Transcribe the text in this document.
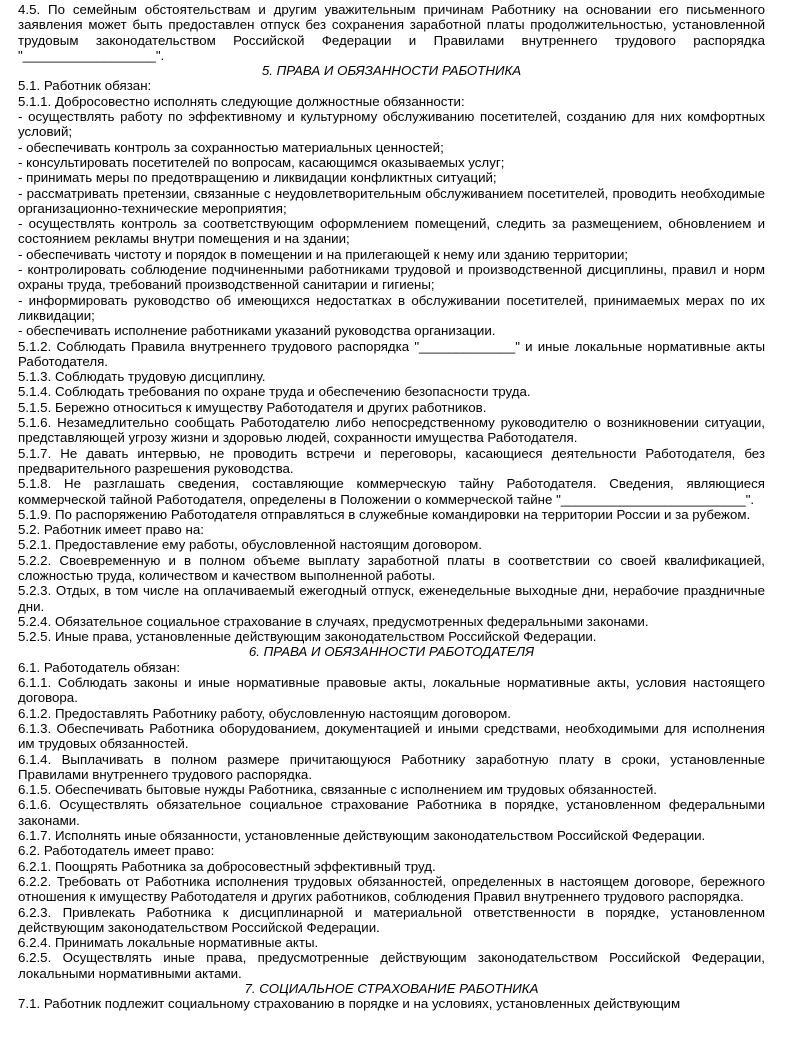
4.5. По семейным обстоятельствам и другим уважительным причинам Работнику на основании его письменного заявления может быть предоставлен отпуск без сохранения заработной платы продолжительностью, установленной трудовым законодательством Российской Федерации и Правилами внутреннего трудового распорядка "__________________".

5. ПРАВА И ОБЯЗАННОСТИ РАБОТНИКА

5.1. Работник обязан:

5.1.1. Добросовестно исполнять следующие должностные обязанности:

- осуществлять работу по эффективному и культурному обслуживанию посетителей, созданию для них комфортных условий;

- обеспечивать контроль за сохранностью материальных ценностей;

- консультировать посетителей по вопросам, касающимся оказываемых услуг;

- принимать меры по предотвращению и ликвидации конфликтных ситуаций;

- рассматривать претензии, связанные с неудовлетворительным обслуживанием посетителей, проводить необходимые организационно-технические мероприятия;

- осуществлять контроль за соответствующим оформлением помещений, следить за размещением, обновлением и состоянием рекламы внутри помещения и на здании;

- обеспечивать чистоту и порядок в помещении и на прилегающей к нему или зданию территории;

- контролировать соблюдение подчиненными работниками трудовой и производственной дисциплины, правил и норм охраны труда, требований производственной санитарии и гигиены;

- информировать руководство об имеющихся недостатках в обслуживании посетителей, принимаемых мерах по их ликвидации;

- обеспечивать исполнение работниками указаний руководства организации.

5.1.2. Соблюдать Правила внутреннего трудового распорядка "_____________" и иные локальные нормативные акты Работодателя.

5.1.3. Соблюдать трудовую дисциплину.

5.1.4. Соблюдать требования по охране труда и обеспечению безопасности труда.

5.1.5. Бережно относиться к имуществу Работодателя и других работников.

5.1.6. Незамедлительно сообщать Работодателю либо непосредственному руководителю о возникновении ситуации, представляющей угрозу жизни и здоровью людей, сохранности имущества Работодателя.

5.1.7. Не давать интервью, не проводить встречи и переговоры, касающиеся деятельности Работодателя, без предварительного разрешения руководства.

5.1.8. Не разглашать сведения, составляющие коммерческую тайну Работодателя. Сведения, являющиеся коммерческой тайной Работодателя, определены в Положении о коммерческой тайне "_________________________".

5.1.9. По распоряжению Работодателя отправляться в служебные командировки на территории России и за рубежом.

5.2. Работник имеет право на:

5.2.1. Предоставление ему работы, обусловленной настоящим договором.

5.2.2. Своевременную и в полном объеме выплату заработной платы в соответствии со своей квалификацией, сложностью труда, количеством и качеством выполненной работы.

5.2.3. Отдых, в том числе на оплачиваемый ежегодный отпуск, еженедельные выходные дни, нерабочие праздничные дни.

5.2.4. Обязательное социальное страхование в случаях, предусмотренных федеральными законами.

5.2.5. Иные права, установленные действующим законодательством Российской Федерации.

6. ПРАВА И ОБЯЗАННОСТИ РАБОТОДАТЕЛЯ

6.1. Работодатель обязан:

6.1.1. Соблюдать законы и иные нормативные правовые акты, локальные нормативные акты, условия настоящего договора.

6.1.2. Предоставлять Работнику работу, обусловленную настоящим договором.

6.1.3. Обеспечивать Работника оборудованием, документацией и иными средствами, необходимыми для исполнения им трудовых обязанностей.

6.1.4. Выплачивать в полном размере причитающуюся Работнику заработную плату в сроки, установленные Правилами внутреннего трудового распорядка.

6.1.5. Обеспечивать бытовые нужды Работника, связанные с исполнением им трудовых обязанностей.

6.1.6. Осуществлять обязательное социальное страхование Работника в порядке, установленном федеральными законами.

6.1.7. Исполнять иные обязанности, установленные действующим законодательством Российской Федерации.

6.2. Работодатель имеет право:

6.2.1. Поощрять Работника за добросовестный эффективный труд.

6.2.2. Требовать от Работника исполнения трудовых обязанностей, определенных в настоящем договоре, бережного отношения к имуществу Работодателя и других работников, соблюдения Правил внутреннего трудового распорядка.

6.2.3. Привлекать Работника к дисциплинарной и материальной ответственности в порядке, установленном действующим законодательством Российской Федерации.

6.2.4. Принимать локальные нормативные акты.

6.2.5. Осуществлять иные права, предусмотренные действующим законодательством Российской Федерации, локальными нормативными актами.

7. СОЦИАЛЬНОЕ СТРАХОВАНИЕ РАБОТНИКА

7.1. Работник подлежит социальному страхованию в порядке и на условиях, установленных действующим
